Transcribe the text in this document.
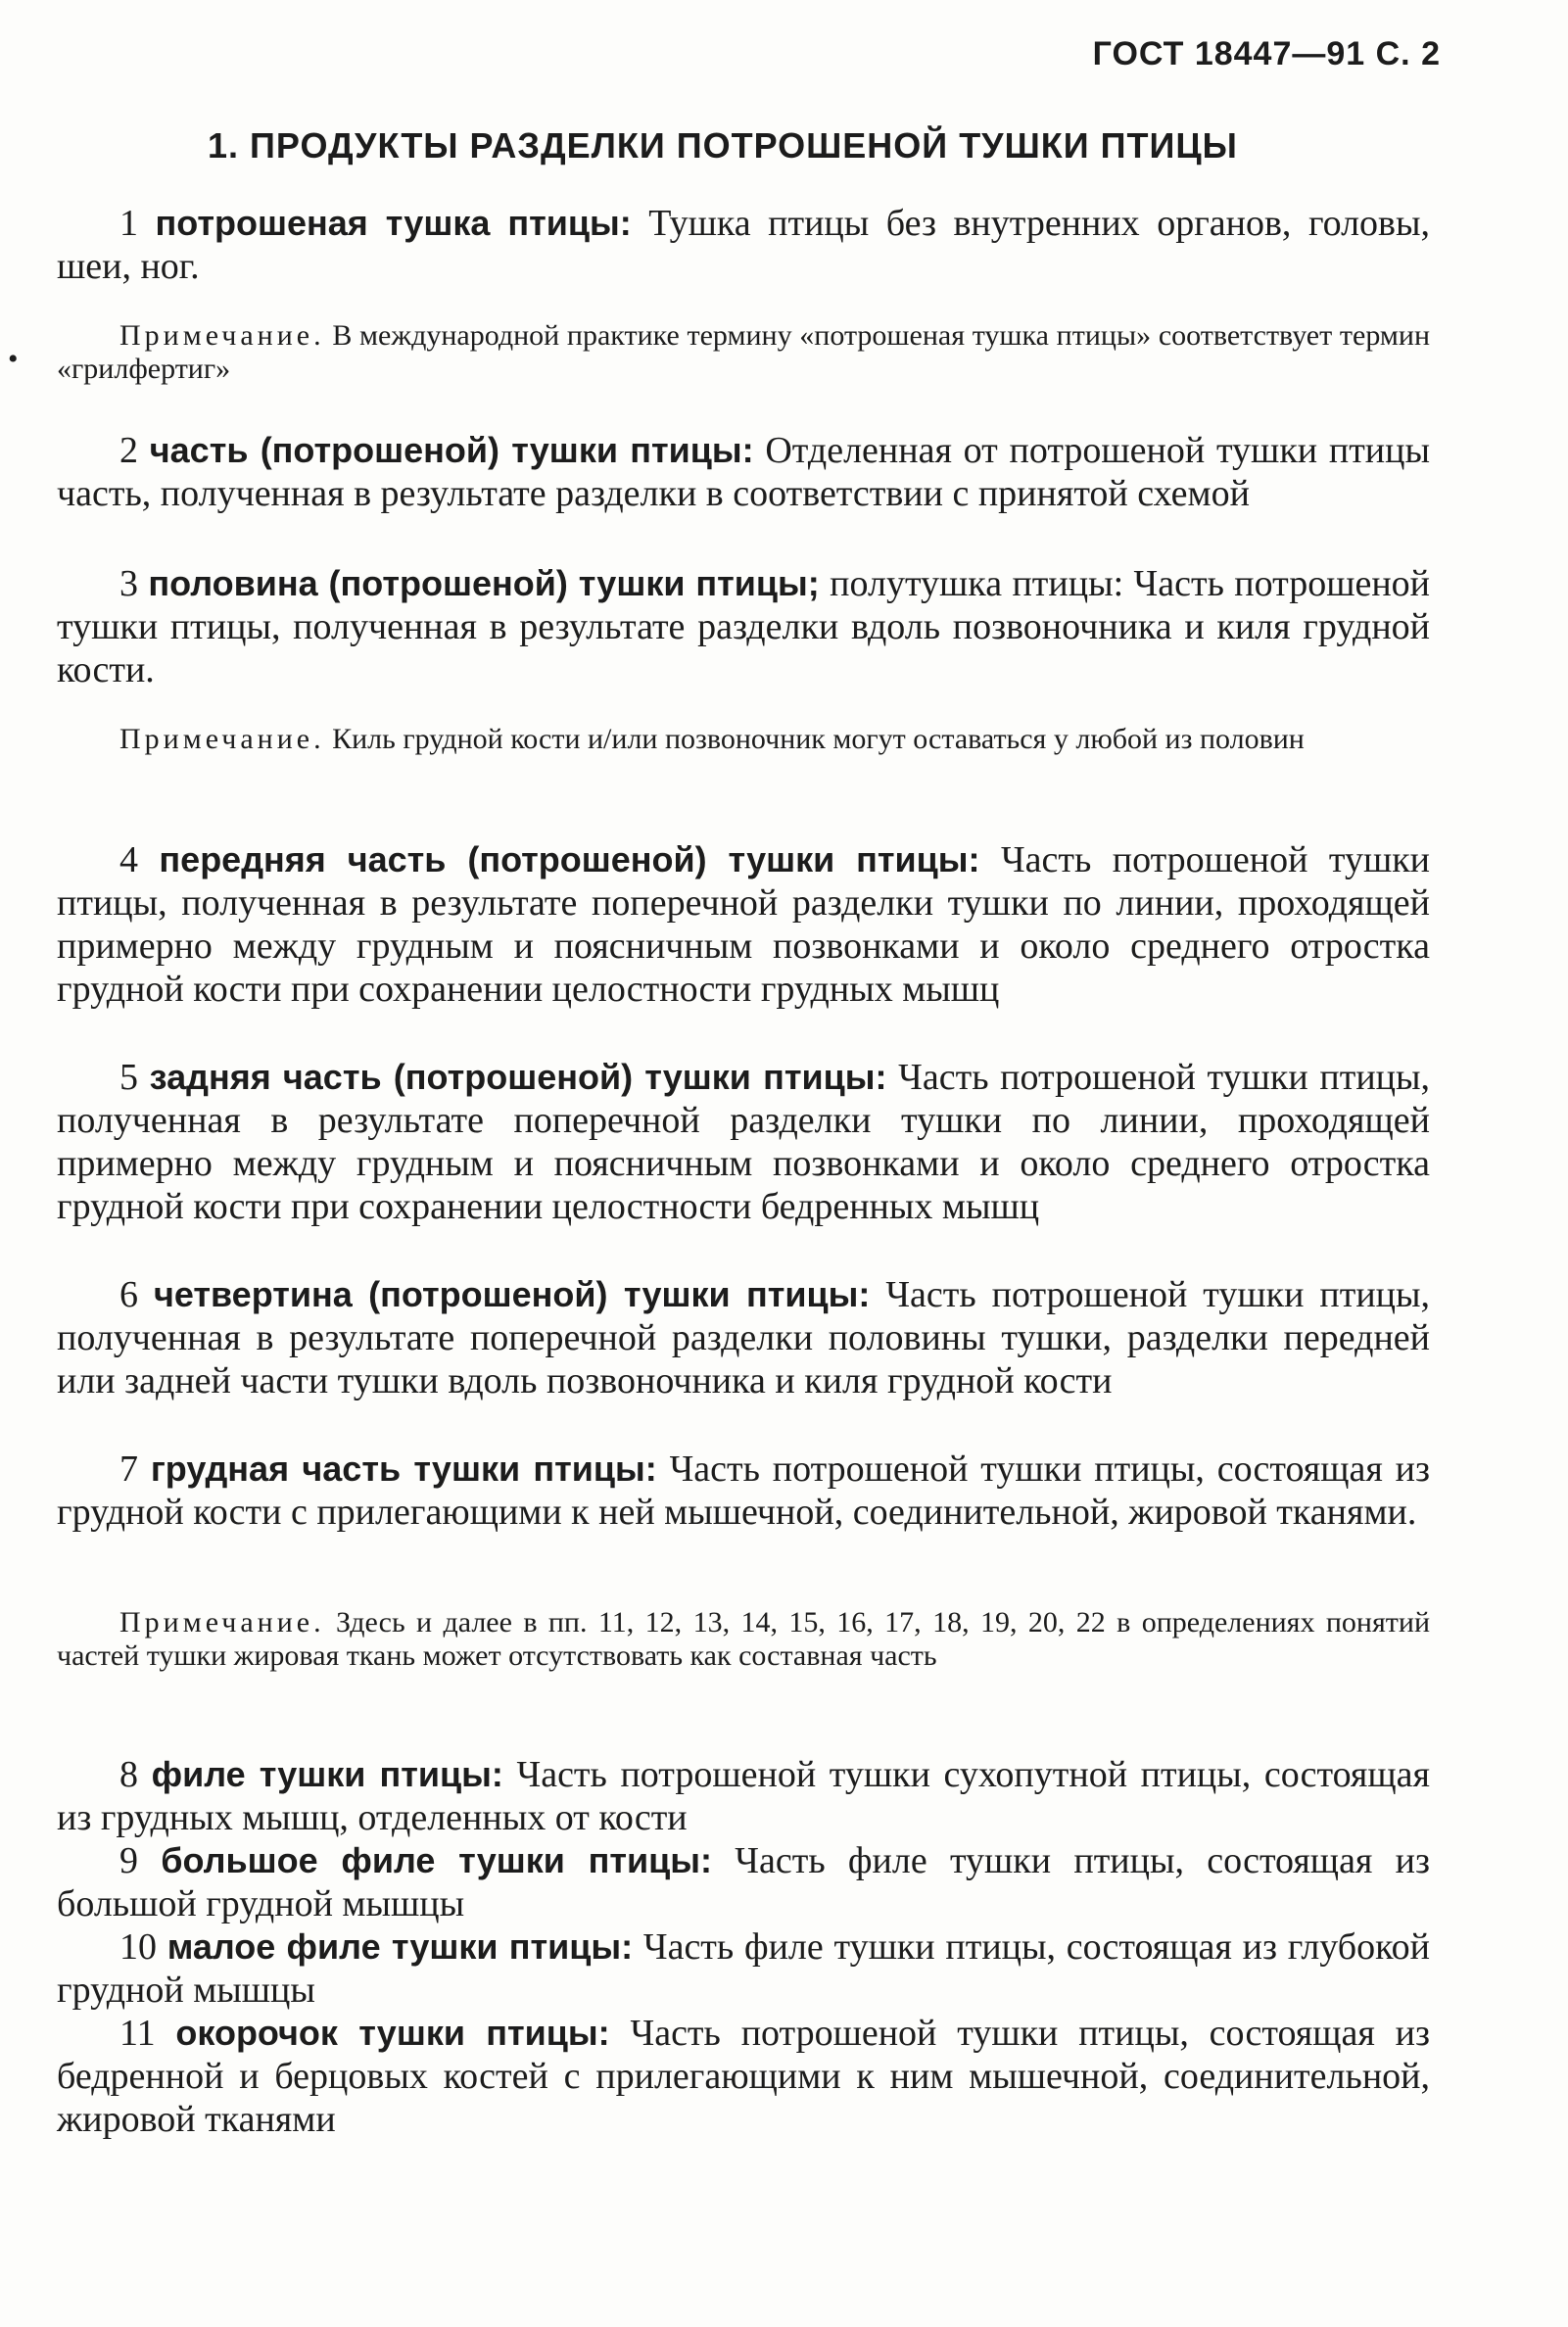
ГОСТ 18447—91 С. 2
1. ПРОДУКТЫ РАЗДЕЛКИ ПОТРОШЕНОЙ ТУШКИ ПТИЦЫ
•

1 потрошеная тушка птицы: Тушка птицы без внутренних органов, головы, шеи, ног.

Примечание. В международной практике термину «потрошеная тушка птицы» соответствует термин «грилфертиг»

2 часть (потрошеной) тушки птицы: Отделенная от потрошеной тушки птицы часть, полученная в результате разделки в соответствии с принятой схемой

3 половина (потрошеной) тушки птицы; полутушка птицы: Часть потрошеной тушки птицы, полученная в результате разделки вдоль позвоночника и киля грудной кости.

Примечание. Киль грудной кости и/или позвоночник могут оставаться у любой из половин

4 передняя часть (потрошеной) тушки птицы: Часть потрошеной тушки птицы, полученная в результате поперечной разделки тушки по линии, проходящей примерно между грудным и поясничным позвонками и около среднего отростка грудной кости при сохранении целостности грудных мышц

5 задняя часть (потрошеной) тушки птицы: Часть потрошеной тушки птицы, полученная в результате поперечной разделки тушки по линии, проходящей примерно между грудным и поясничным позвонками и около среднего отростка грудной кости при сохранении целостности бедренных мышц

6 четвертина (потрошеной) тушки птицы: Часть потрошеной тушки птицы, полученная в результате поперечной разделки половины тушки, разделки передней или задней части тушки вдоль позвоночника и киля грудной кости

7 грудная часть тушки птицы: Часть потрошеной тушки птицы, состоящая из грудной кости с прилегающими к ней мышечной, соединительной, жировой тканями.

Примечание. Здесь и далее в пп. 11, 12, 13, 14, 15, 16, 17, 18, 19, 20, 22 в определениях понятий частей тушки жировая ткань может отсутствовать как составная часть

8 филе тушки птицы: Часть потрошеной тушки сухопутной птицы, состоящая из грудных мышц, отделенных от кости

9 большое филе тушки птицы: Часть филе тушки птицы, состоящая из большой грудной мышцы

10 малое филе тушки птицы: Часть филе тушки птицы, состоящая из глубокой грудной мышцы

11 окорочок тушки птицы: Часть потрошеной тушки птицы, состоящая из бедренной и берцовых костей с прилегающими к ним мышечной, соединительной, жировой тканями
